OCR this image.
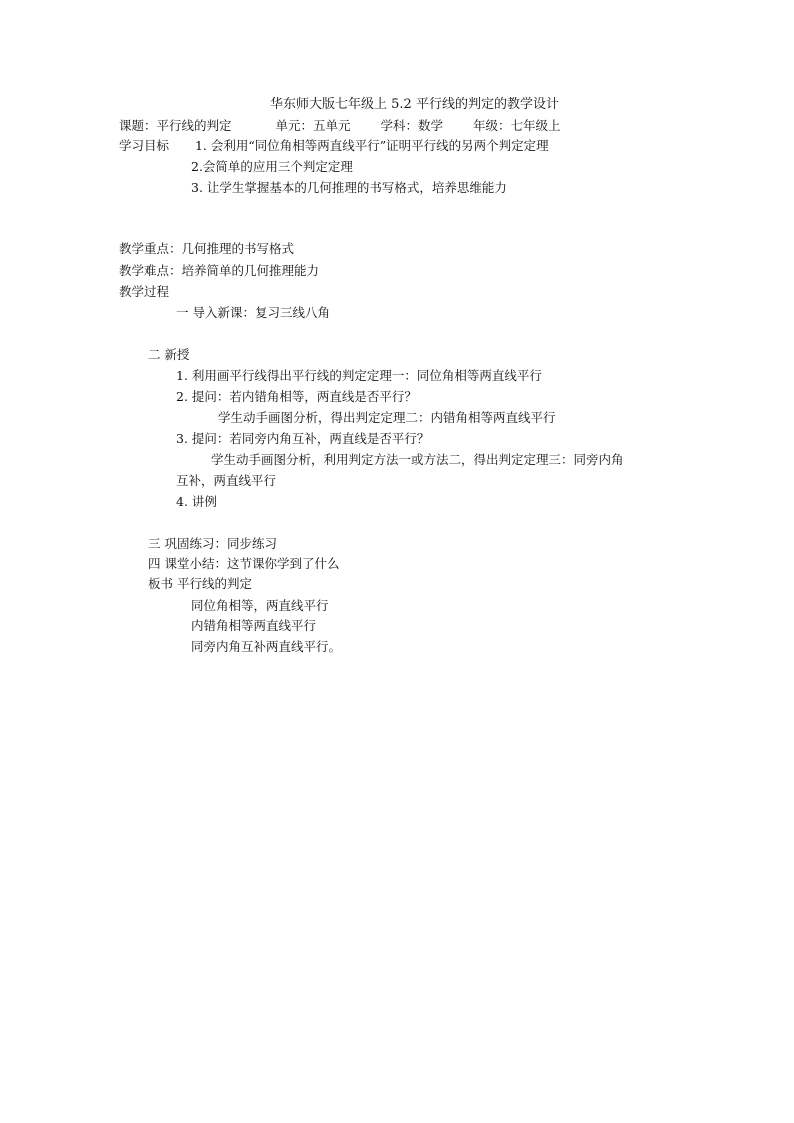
华东师大版七年级上 5.2 平行线的判定的教学设计
课题：平行线的判定	单元：五单元 学科：数学 年级：七年级上
学习目标 1. 会利用“同位角相等两直线平行”证明平行线的另两个判定定理
2.会简单的应用三个判定定理
3. 让学生掌握基本的几何推理的书写格式，培养思维能力
教学重点：几何推理的书写格式
教学难点：培养简单的几何推理能力
教学过程
一 导入新课：复习三线八角
二 新授
1. 利用画平行线得出平行线的判定定理一：同位角相等两直线平行
2. 提问：若内错角相等，两直线是否平行？
学生动手画图分析，得出判定定理二：内错角相等两直线平行
3. 提问：若同旁内角互补，两直线是否平行？
学生动手画图分析，利用判定方法一或方法二，得出判定定理三：同旁内角
互补，两直线平行
4. 讲例
三 巩固练习：同步练习
四 课堂小结：这节课你学到了什么
板书 平行线的判定
同位角相等，两直线平行
内错角相等两直线平行
同旁内角互补两直线平行。
